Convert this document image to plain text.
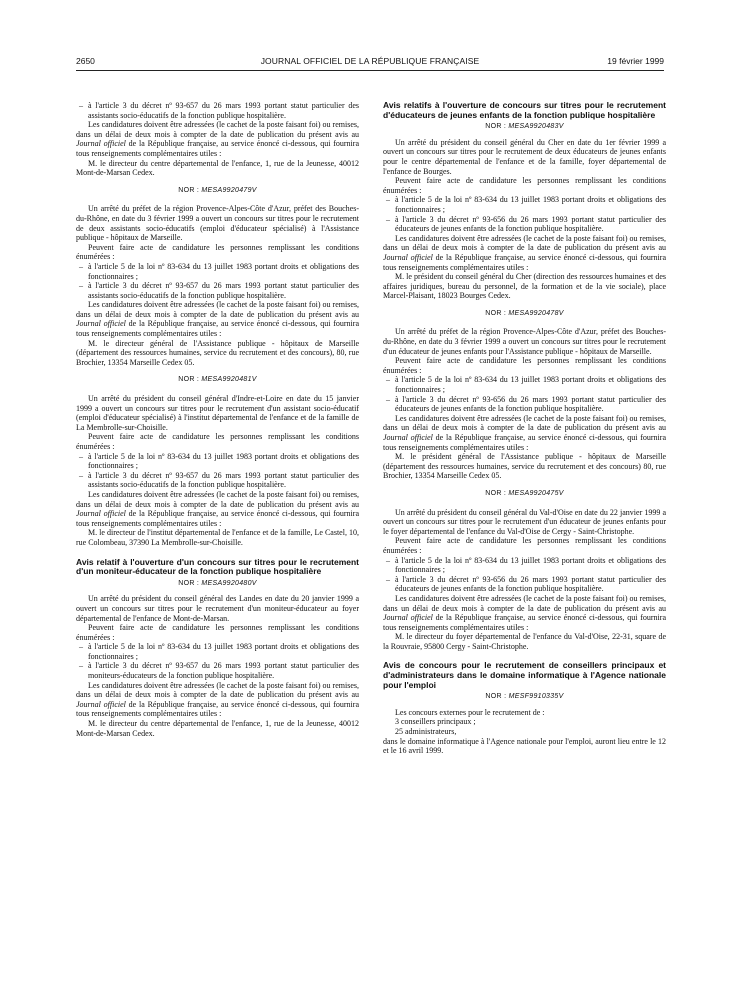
2650	JOURNAL OFFICIEL DE LA RÉPUBLIQUE FRANÇAISE	19 février 1999

– à l'article 3 du décret nº 93-657 du 26 mars 1993 portant statut particulier des assistants socio-éducatifs de la fonction publique hospitalière.

Les candidatures doivent être adressées (le cachet de la poste faisant foi) ou remises, dans un délai de deux mois à compter de la date de publication du présent avis au Journal officiel de la République française, au service énoncé ci-dessous, qui fournira tous renseignements complémentaires utiles :

M. le directeur du centre départemental de l'enfance, 1, rue de la Jeunesse, 40012 Mont-de-Marsan Cedex.

NOR : MESA9920479V

Un arrêté du préfet de la région Provence-Alpes-Côte d'Azur, préfet des Bouches-du-Rhône, en date du 3 février 1999 a ouvert un concours sur titres pour le recrutement de deux assistants socio-éducatifs (emploi d'éducateur spécialisé) à l'Assistance publique - hôpitaux de Marseille.

Peuvent faire acte de candidature les personnes remplissant les conditions énumérées :

– à l'article 5 de la loi nº 83-634 du 13 juillet 1983 portant droits et obligations des fonctionnaires ;

– à l'article 3 du décret nº 93-657 du 26 mars 1993 portant statut particulier des assistants socio-éducatifs de la fonction publique hospitalière.

Les candidatures doivent être adressées (le cachet de la poste faisant foi) ou remises, dans un délai de deux mois à compter de la date de publication du présent avis au Journal officiel de la République française, au service énoncé ci-dessous, qui fournira tous renseignements complémentaires utiles :

M. le directeur général de l'Assistance publique - hôpitaux de Marseille (département des ressources humaines, service du recrutement et des concours), 80, rue Brochier, 13354 Marseille Cedex 05.

NOR : MESA9920481V

Un arrêté du président du conseil général d'Indre-et-Loire en date du 15 janvier 1999 a ouvert un concours sur titres pour le recrutement d'un assistant socio-éducatif (emploi d'éducateur spécialisé) à l'institut départemental de l'enfance et de la famille de La Membrolle-sur-Choisille.

Peuvent faire acte de candidature les personnes remplissant les conditions énumérées :

– à l'article 5 de la loi nº 83-634 du 13 juillet 1983 portant droits et obligations des fonctionnaires ;

– à l'article 3 du décret nº 93-657 du 26 mars 1993 portant statut particulier des assistants socio-éducatifs de la fonction publique hospitalière.

Les candidatures doivent être adressées (le cachet de la poste faisant foi) ou remises, dans un délai de deux mois à compter de la date de publication du présent avis au Journal officiel de la République française, au service énoncé ci-dessous, qui fournira tous renseignements complémentaires utiles :

M. le directeur de l'institut départemental de l'enfance et de la famille, Le Castel, 10, rue Colombeau, 37390 La Membrolle-sur-Choisille.

Avis relatif à l'ouverture d'un concours sur titres pour le recrutement d'un moniteur-éducateur de la fonction publique hospitalière
NOR : MESA9920480V

Un arrêté du président du conseil général des Landes en date du 20 janvier 1999 a ouvert un concours sur titres pour le recrutement d'un moniteur-éducateur au foyer départemental de l'enfance de Mont-de-Marsan.

Peuvent faire acte de candidature les personnes remplissant les conditions énumérées :

– à l'article 5 de la loi nº 83-634 du 13 juillet 1983 portant droits et obligations des fonctionnaires ;

– à l'article 3 du décret nº 93-657 du 26 mars 1993 portant statut particulier des moniteurs-éducateurs de la fonction publique hospitalière.

Les candidatures doivent être adressées (le cachet de la poste faisant foi) ou remises, dans un délai de deux mois à compter de la date de publication du présent avis au Journal officiel de la République française, au service énoncé ci-dessous, qui fournira tous renseignements complémentaires utiles :

M. le directeur du centre départemental de l'enfance, 1, rue de la Jeunesse, 40012 Mont-de-Marsan Cedex.

Avis relatifs à l'ouverture de concours sur titres pour le recrutement d'éducateurs de jeunes enfants de la fonction publique hospitalière
NOR : MESA9920483V

Un arrêté du président du conseil général du Cher en date du 1er février 1999 a ouvert un concours sur titres pour le recrutement de deux éducateurs de jeunes enfants pour le centre départemental de l'enfance et de la famille, foyer départemental de l'enfance de Bourges.

Peuvent faire acte de candidature les personnes remplissant les conditions énumérées :

– à l'article 5 de la loi nº 83-634 du 13 juillet 1983 portant droits et obligations des fonctionnaires ;

– à l'article 3 du décret nº 93-656 du 26 mars 1993 portant statut particulier des éducateurs de jeunes enfants de la fonction publique hospitalière.

Les candidatures doivent être adressées (le cachet de la poste faisant foi) ou remises, dans un délai de deux mois à compter de la date de publication du présent avis au Journal officiel de la République française, au service énoncé ci-dessous, qui fournira tous renseignements complémentaires utiles :

M. le président du conseil général du Cher (direction des ressources humaines et des affaires juridiques, bureau du personnel, de la formation et de la vie sociale), place Marcel-Plaisant, 18023 Bourges Cedex.

NOR : MESA9920478V

Un arrêté du préfet de la région Provence-Alpes-Côte d'Azur, préfet des Bouches-du-Rhône, en date du 3 février 1999 a ouvert un concours sur titres pour le recrutement d'un éducateur de jeunes enfants pour l'Assistance publique - hôpitaux de Marseille.

Peuvent faire acte de candidature les personnes remplissant les conditions énumérées :

– à l'article 5 de la loi nº 83-634 du 13 juillet 1983 portant droits et obligations des fonctionnaires ;

– à l'article 3 du décret nº 93-656 du 26 mars 1993 portant statut particulier des éducateurs de jeunes enfants de la fonction publique hospitalière.

Les candidatures doivent être adressées (le cachet de la poste faisant foi) ou remises, dans un délai de deux mois à compter de la date de publication du présent avis au Journal officiel de la République française, au service énoncé ci-dessous, qui fournira tous renseignements complémentaires utiles :

M. le président général de l'Assistance publique - hôpitaux de Marseille (département des ressources humaines, service du recrutement et des concours) 80, rue Brochier, 13354 Marseille Cedex 05.

NOR : MESA9920475V

Un arrêté du président du conseil général du Val-d'Oise en date du 22 janvier 1999 a ouvert un concours sur titres pour le recrutement d'un éducateur de jeunes enfants pour le foyer départemental de l'enfance du Val-d'Oise de Cergy - Saint-Christophe.

Peuvent faire acte de candidature les personnes remplissant les conditions énumérées :

– à l'article 5 de la loi nº 83-634 du 13 juillet 1983 portant droits et obligations des fonctionnaires ;

– à l'article 3 du décret nº 93-656 du 26 mars 1993 portant statut particulier des éducateurs de jeunes enfants de la fonction publique hospitalière.

Les candidatures doivent être adressées (le cachet de la poste faisant foi) ou remises, dans un délai de deux mois à compter de la date de publication du présent avis au Journal officiel de la République française, au service énoncé ci-dessous, qui fournira tous renseignements complémentaires utiles :

M. le directeur du foyer départemental de l'enfance du Val-d'Oise, 22-31, square de la Rouvraie, 95800 Cergy - Saint-Christophe.

Avis de concours pour le recrutement de conseillers principaux et d'administrateurs dans le domaine informatique à l'Agence nationale pour l'emploi
NOR : MESF9910335V

Les concours externes pour le recrutement de :

3 conseillers principaux ;

25 administrateurs,

dans le domaine informatique à l'Agence nationale pour l'emploi, auront lieu entre le 12 et le 16 avril 1999.
